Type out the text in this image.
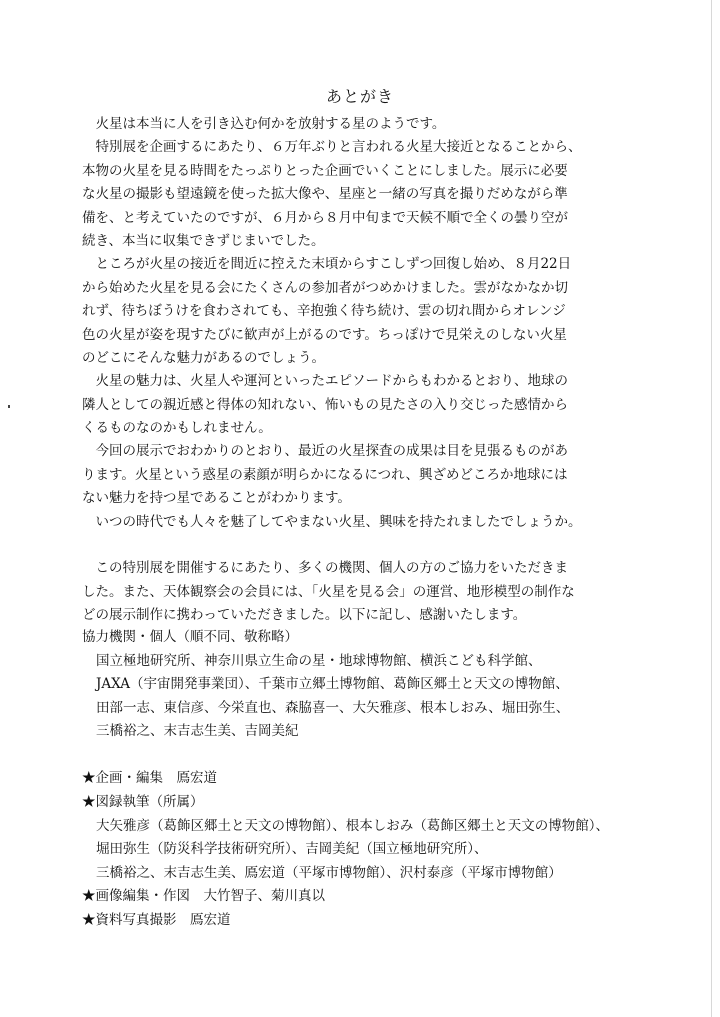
あとがき

　火星は本当に人を引き込む何かを放射する星のようです。

　特別展を企画するにあたり、６万年ぶりと言われる火星大接近となることから、

本物の火星を見る時間をたっぷりとった企画でいくことにしました。展示に必要

な火星の撮影も望遠鏡を使った拡大像や、星座と一緒の写真を撮りだめながら準

備を、と考えていたのですが、６月から８月中旬まで天候不順で全くの曇り空が

続き、本当に収集できずじまいでした。

　ところが火星の接近を間近に控えた末頃からすこしずつ回復し始め、８月22日

から始めた火星を見る会にたくさんの参加者がつめかけました。雲がなかなか切

れず、待ちぼうけを食わされても、辛抱強く待ち続け、雲の切れ間からオレンジ

色の火星が姿を現すたびに歓声が上がるのです。ちっぽけで見栄えのしない火星

のどこにそんな魅力があるのでしょう。

　火星の魅力は、火星人や運河といったエピソードからもわかるとおり、地球の

隣人としての親近感と得体の知れない、怖いもの見たさの入り交じった感情から

くるものなのかもしれません。

　今回の展示でおわかりのとおり、最近の火星探査の成果は目を見張るものがあ

ります。火星という惑星の素顔が明らかになるにつれ、興ざめどころか地球には

ない魅力を持つ星であることがわかります。

　いつの時代でも人々を魅了してやまない火星、興味を持たれましたでしょうか。

　この特別展を開催するにあたり、多くの機関、個人の方のご協力をいただきま

した。また、天体観察会の会員には、「火星を見る会」の運営、地形模型の制作な

どの展示制作に携わっていただきました。以下に記し、感謝いたします。

協力機関・個人（順不同、敬称略）

国立極地研究所、神奈川県立生命の星・地球博物館、横浜こども科学館、

JAXA（宇宙開発事業団）、千葉市立郷土博物館、葛飾区郷土と天文の博物館、

田部一志、東信彦、今栄直也、森脇喜一、大矢雅彦、根本しおみ、堀田弥生、

三橋裕之、末吉志生美、吉岡美紀

★企画・編集　鳫宏道

★図録執筆（所属）

大矢雅彦（葛飾区郷土と天文の博物館）、根本しおみ（葛飾区郷土と天文の博物館）、

堀田弥生（防災科学技術研究所）、吉岡美紀（国立極地研究所）、

三橋裕之、末吉志生美、鳫宏道（平塚市博物館）、沢村泰彦（平塚市博物館）

★画像編集・作図　大竹智子、菊川真以

★資料写真撮影　鳫宏道
